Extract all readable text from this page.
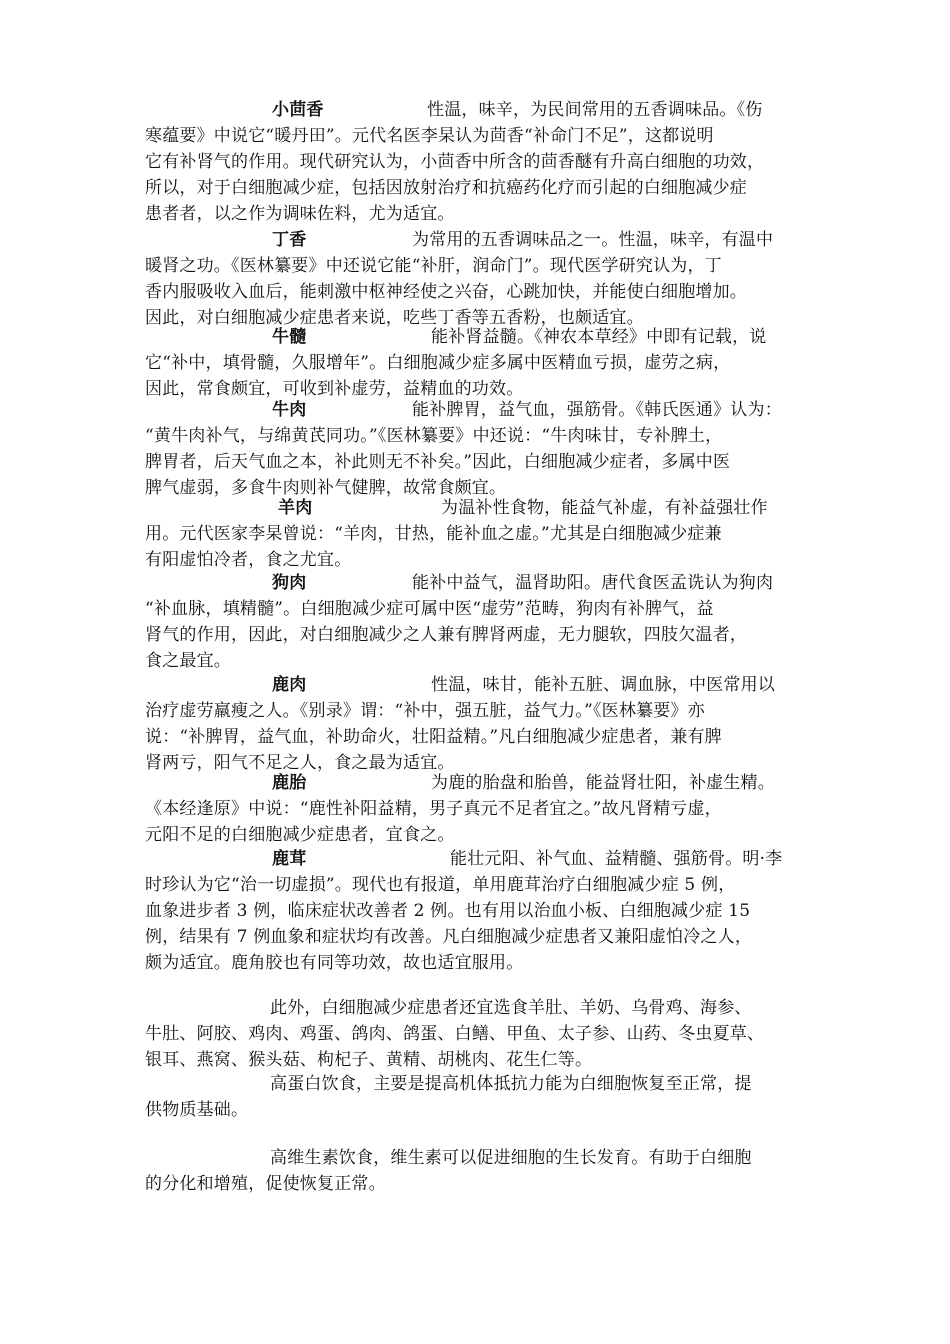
小茴香	性温，味辛，为民间常用的五香调味品。《伤
寒蕴要》中说它“暖丹田”。元代名医李杲认为茴香“补命门不足”，这都说明
它有补肾气的作用。现代研究认为，小茴香中所含的茴香醚有升高白细胞的功效，
所以，对于白细胞减少症，包括因放射治疗和抗癌药化疗而引起的白细胞减少症
患者者，以之作为调味佐料，尤为适宜。
丁香	为常用的五香调味品之一。性温，味辛，有温中
暖肾之功。《医林纂要》中还说它能“补肝，润命门”。现代医学研究认为，丁
香内服吸收入血后，能刺激中枢神经使之兴奋，心跳加快，并能使白细胞增加。
因此，对白细胞减少症患者来说，吃些丁香等五香粉，也颇适宜。
牛髓	能补肾益髓。《神农本草经》中即有记载，说
它“补中，填骨髓，久服增年”。白细胞减少症多属中医精血亏损，虚劳之病，
因此，常食颇宜，可收到补虚劳，益精血的功效。
牛肉	能补脾胃，益气血，强筋骨。《韩氏医通》认为：
“黄牛肉补气，与绵黄芪同功。”《医林纂要》中还说：“牛肉味甘，专补脾土，
脾胃者，后天气血之本，补此则无不补矣。”因此，白细胞减少症者，多属中医
脾气虚弱，多食牛肉则补气健脾，故常食颇宜。
羊肉	为温补性食物，能益气补虚，有补益强壮作
用。元代医家李杲曾说：“羊肉，甘热，能补血之虚。”尤其是白细胞减少症兼
有阳虚怕冷者，食之尤宜。
狗肉	能补中益气，温肾助阳。唐代食医孟诜认为狗肉
“补血脉，填精髓”。白细胞减少症可属中医“虚劳”范畴，狗肉有补脾气，益
肾气的作用，因此，对白细胞减少之人兼有脾肾两虚，无力腿软，四肢欠温者，
食之最宜。
鹿肉	性温，味甘，能补五脏、调血脉，中医常用以
治疗虚劳羸瘦之人。《别录》谓：“补中，强五脏，益气力。”《医林纂要》亦
说：“补脾胃，益气血，补助命火，壮阳益精。”凡白细胞减少症患者，兼有脾
肾两亏，阳气不足之人，食之最为适宜。
鹿胎	为鹿的胎盘和胎兽，能益肾壮阳，补虚生精。
《本经逢原》中说：“鹿性补阳益精，男子真元不足者宜之。”故凡肾精亏虚，
元阳不足的白细胞减少症患者，宜食之。
鹿茸	能壮元阳、补气血、益精髓、强筋骨。明·李
时珍认为它“治一切虚损”。现代也有报道，单用鹿茸治疗白细胞减少症 5 例，
血象进步者 3 例，临床症状改善者 2 例。也有用以治血小板、白细胞减少症 15
例，结果有 7 例血象和症状均有改善。凡白细胞减少症患者又兼阳虚怕冷之人，
颇为适宜。鹿角胶也有同等功效，故也适宜服用。
此外，白细胞减少症患者还宜选食羊肚、羊奶、乌骨鸡、海参、
牛肚、阿胶、鸡肉、鸡蛋、鸽肉、鸽蛋、白鳝、甲鱼、太子参、山药、冬虫夏草、
银耳、燕窝、猴头菇、枸杞子、黄精、胡桃肉、花生仁等。
高蛋白饮食，主要是提高机体抵抗力能为白细胞恢复至正常，提
供物质基础。
高维生素饮食，维生素可以促进细胞的生长发育。有助于白细胞
的分化和增殖，促使恢复正常。
